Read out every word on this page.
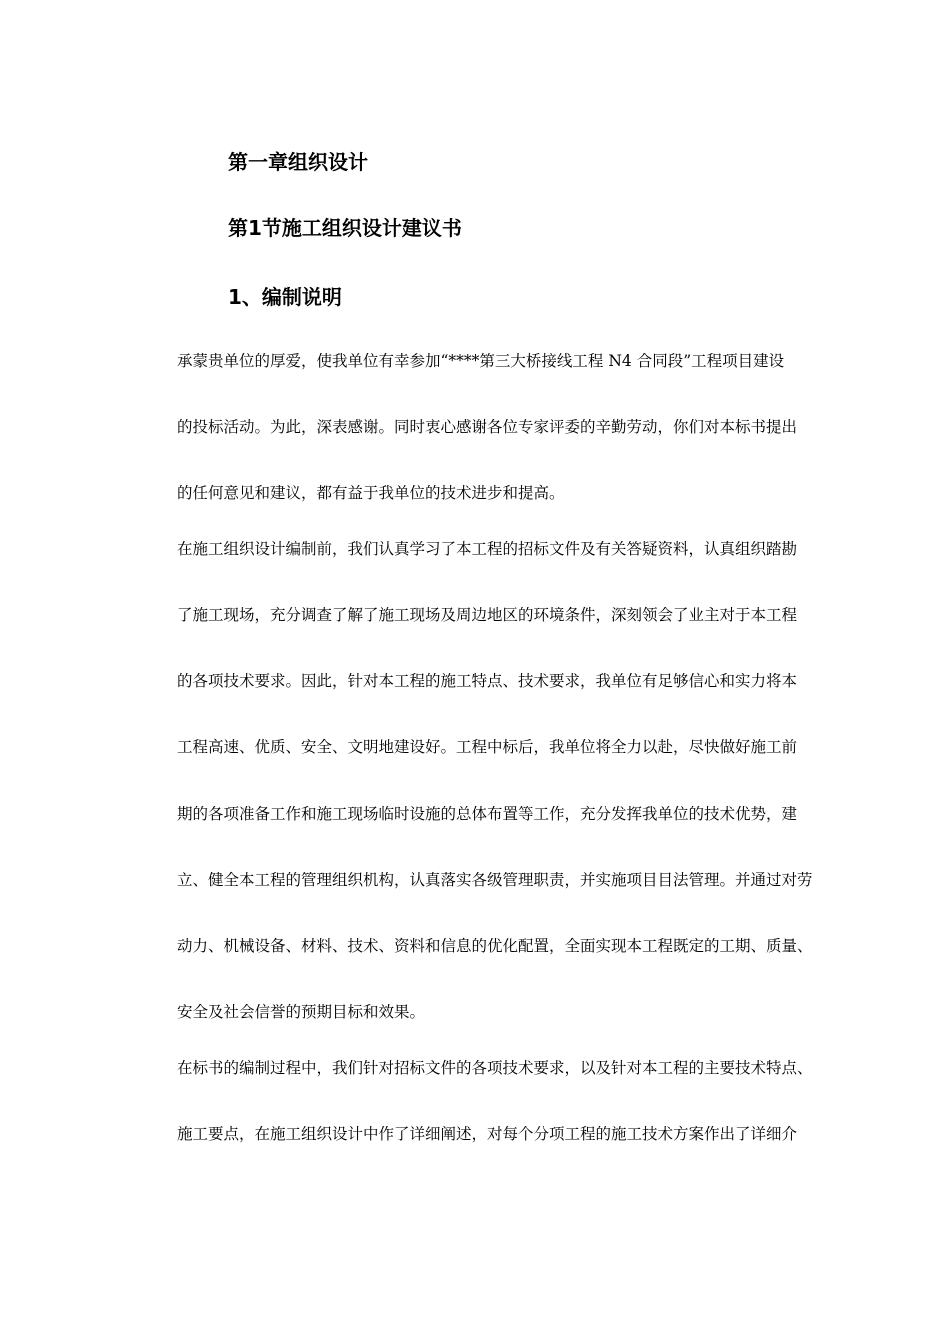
第一章组织设计
第1节施工组织设计建议书
1、编制说明

承蒙贵单位的厚爱，使我单位有幸参加“****第三大桥接线工程 N4 合同段”工程项目建设

的投标活动。为此，深表感谢。同时衷心感谢各位专家评委的辛勤劳动，你们对本标书提出

的任何意见和建议，都有益于我单位的技术进步和提高。

在施工组织设计编制前，我们认真学习了本工程的招标文件及有关答疑资料，认真组织踏勘

了施工现场，充分调查了解了施工现场及周边地区的环境条件，深刻领会了业主对于本工程

的各项技术要求。因此，针对本工程的施工特点、技术要求，我单位有足够信心和实力将本

工程高速、优质、安全、文明地建设好。工程中标后，我单位将全力以赴，尽快做好施工前

期的各项准备工作和施工现场临时设施的总体布置等工作，充分发挥我单位的技术优势，建

立、健全本工程的管理组织机构，认真落实各级管理职责，并实施项目目法管理。并通过对劳

动力、机械设备、材料、技术、资料和信息的优化配置，全面实现本工程既定的工期、质量、

安全及社会信誉的预期目标和效果。

在标书的编制过程中，我们针对招标文件的各项技术要求，以及针对本工程的主要技术特点、

施工要点，在施工组织设计中作了详细阐述，对每个分项工程的施工技术方案作出了详细介
